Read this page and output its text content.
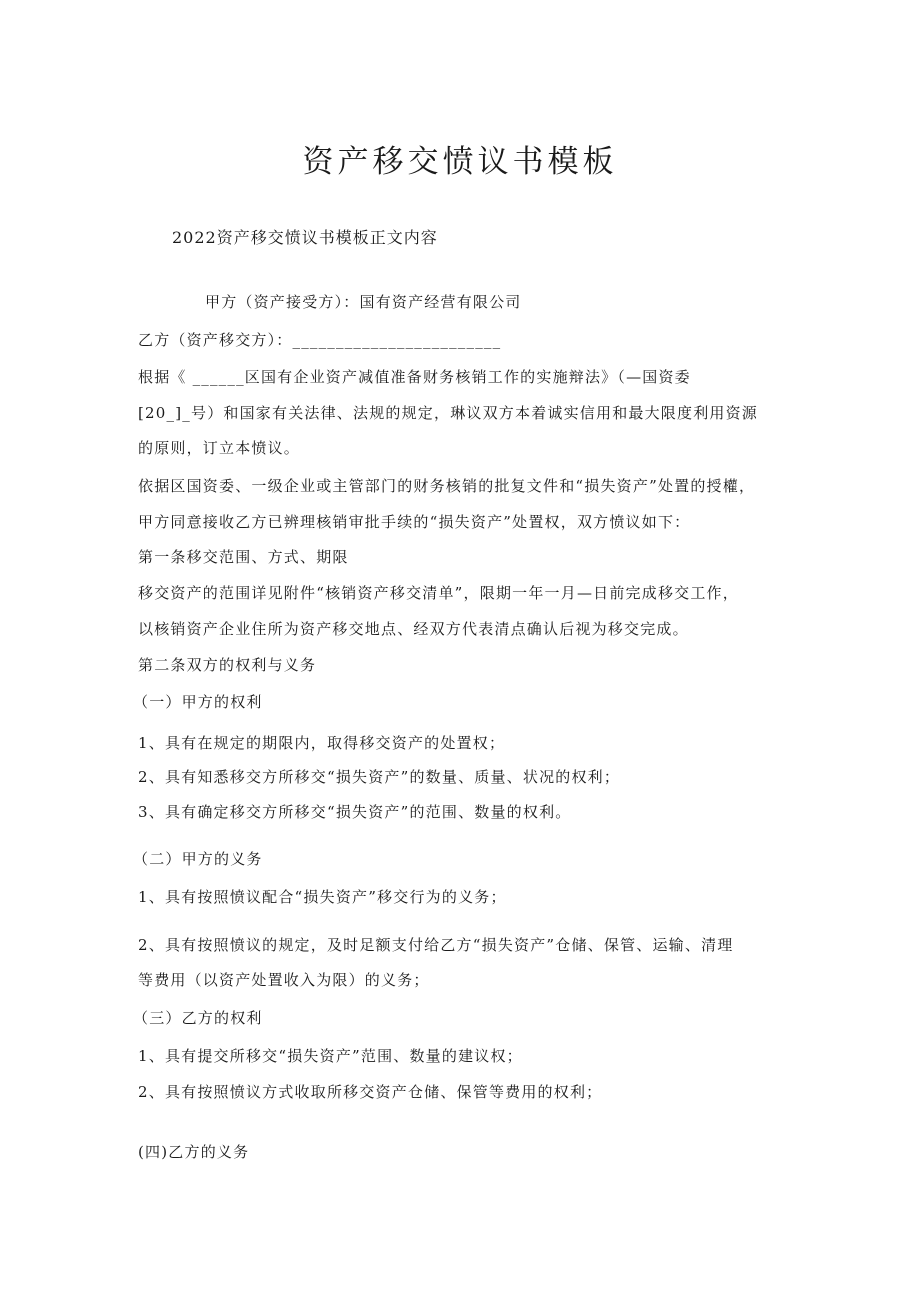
资产移交愤议书模板
2022资产移交愤议书模板正文内容
甲方（资产接受方）：国有资产经营有限公司
乙方（资产移交方）：________________________
根据《 ______区国有企业资产减值准备财务核销工作的实施辩法》（—国资委
[20_]_号）和国家有关法律、法规的规定，琳议双方本着诚实信用和最大限度利用资源
的原则，订立本愤议。
依据区国资委、一级企业或主管部门的财务核销的批复文件和“损失资产”处置的授權，
甲方同意接收乙方已辨理核销审批手续的“损失资产”处置权，双方愤议如下：
第一条移交范围、方式、期限
移交资产的范围详见附件“核销资产移交清单”，限期一年一月—日前完成移交工作，
以核销资产企业住所为资产移交地点、经双方代表清点确认后视为移交完成。
第二条双方的权利与义务
（一）甲方的权利
1、具有在规定的期限内，取得移交资产的处置权；
2、具有知悉移交方所移交“损失资产”的数量、质量、状况的权利；
3、具有确定移交方所移交“损失资产”的范围、数量的权利。
（二）甲方的义务
1、具有按照愤议配合“损失资产”移交行为的义务；
2、具有按照愤议的规定，及时足额支付给乙方“损失资产”仓储、保管、运输、清理
等费用（以资产处置收入为限）的义务；
（三）乙方的权利
1、具有提交所移交“损失资产”范围、数量的建议权；
2、具有按照愤议方式收取所移交资产仓储、保管等费用的权利；
(四)乙方的义务
